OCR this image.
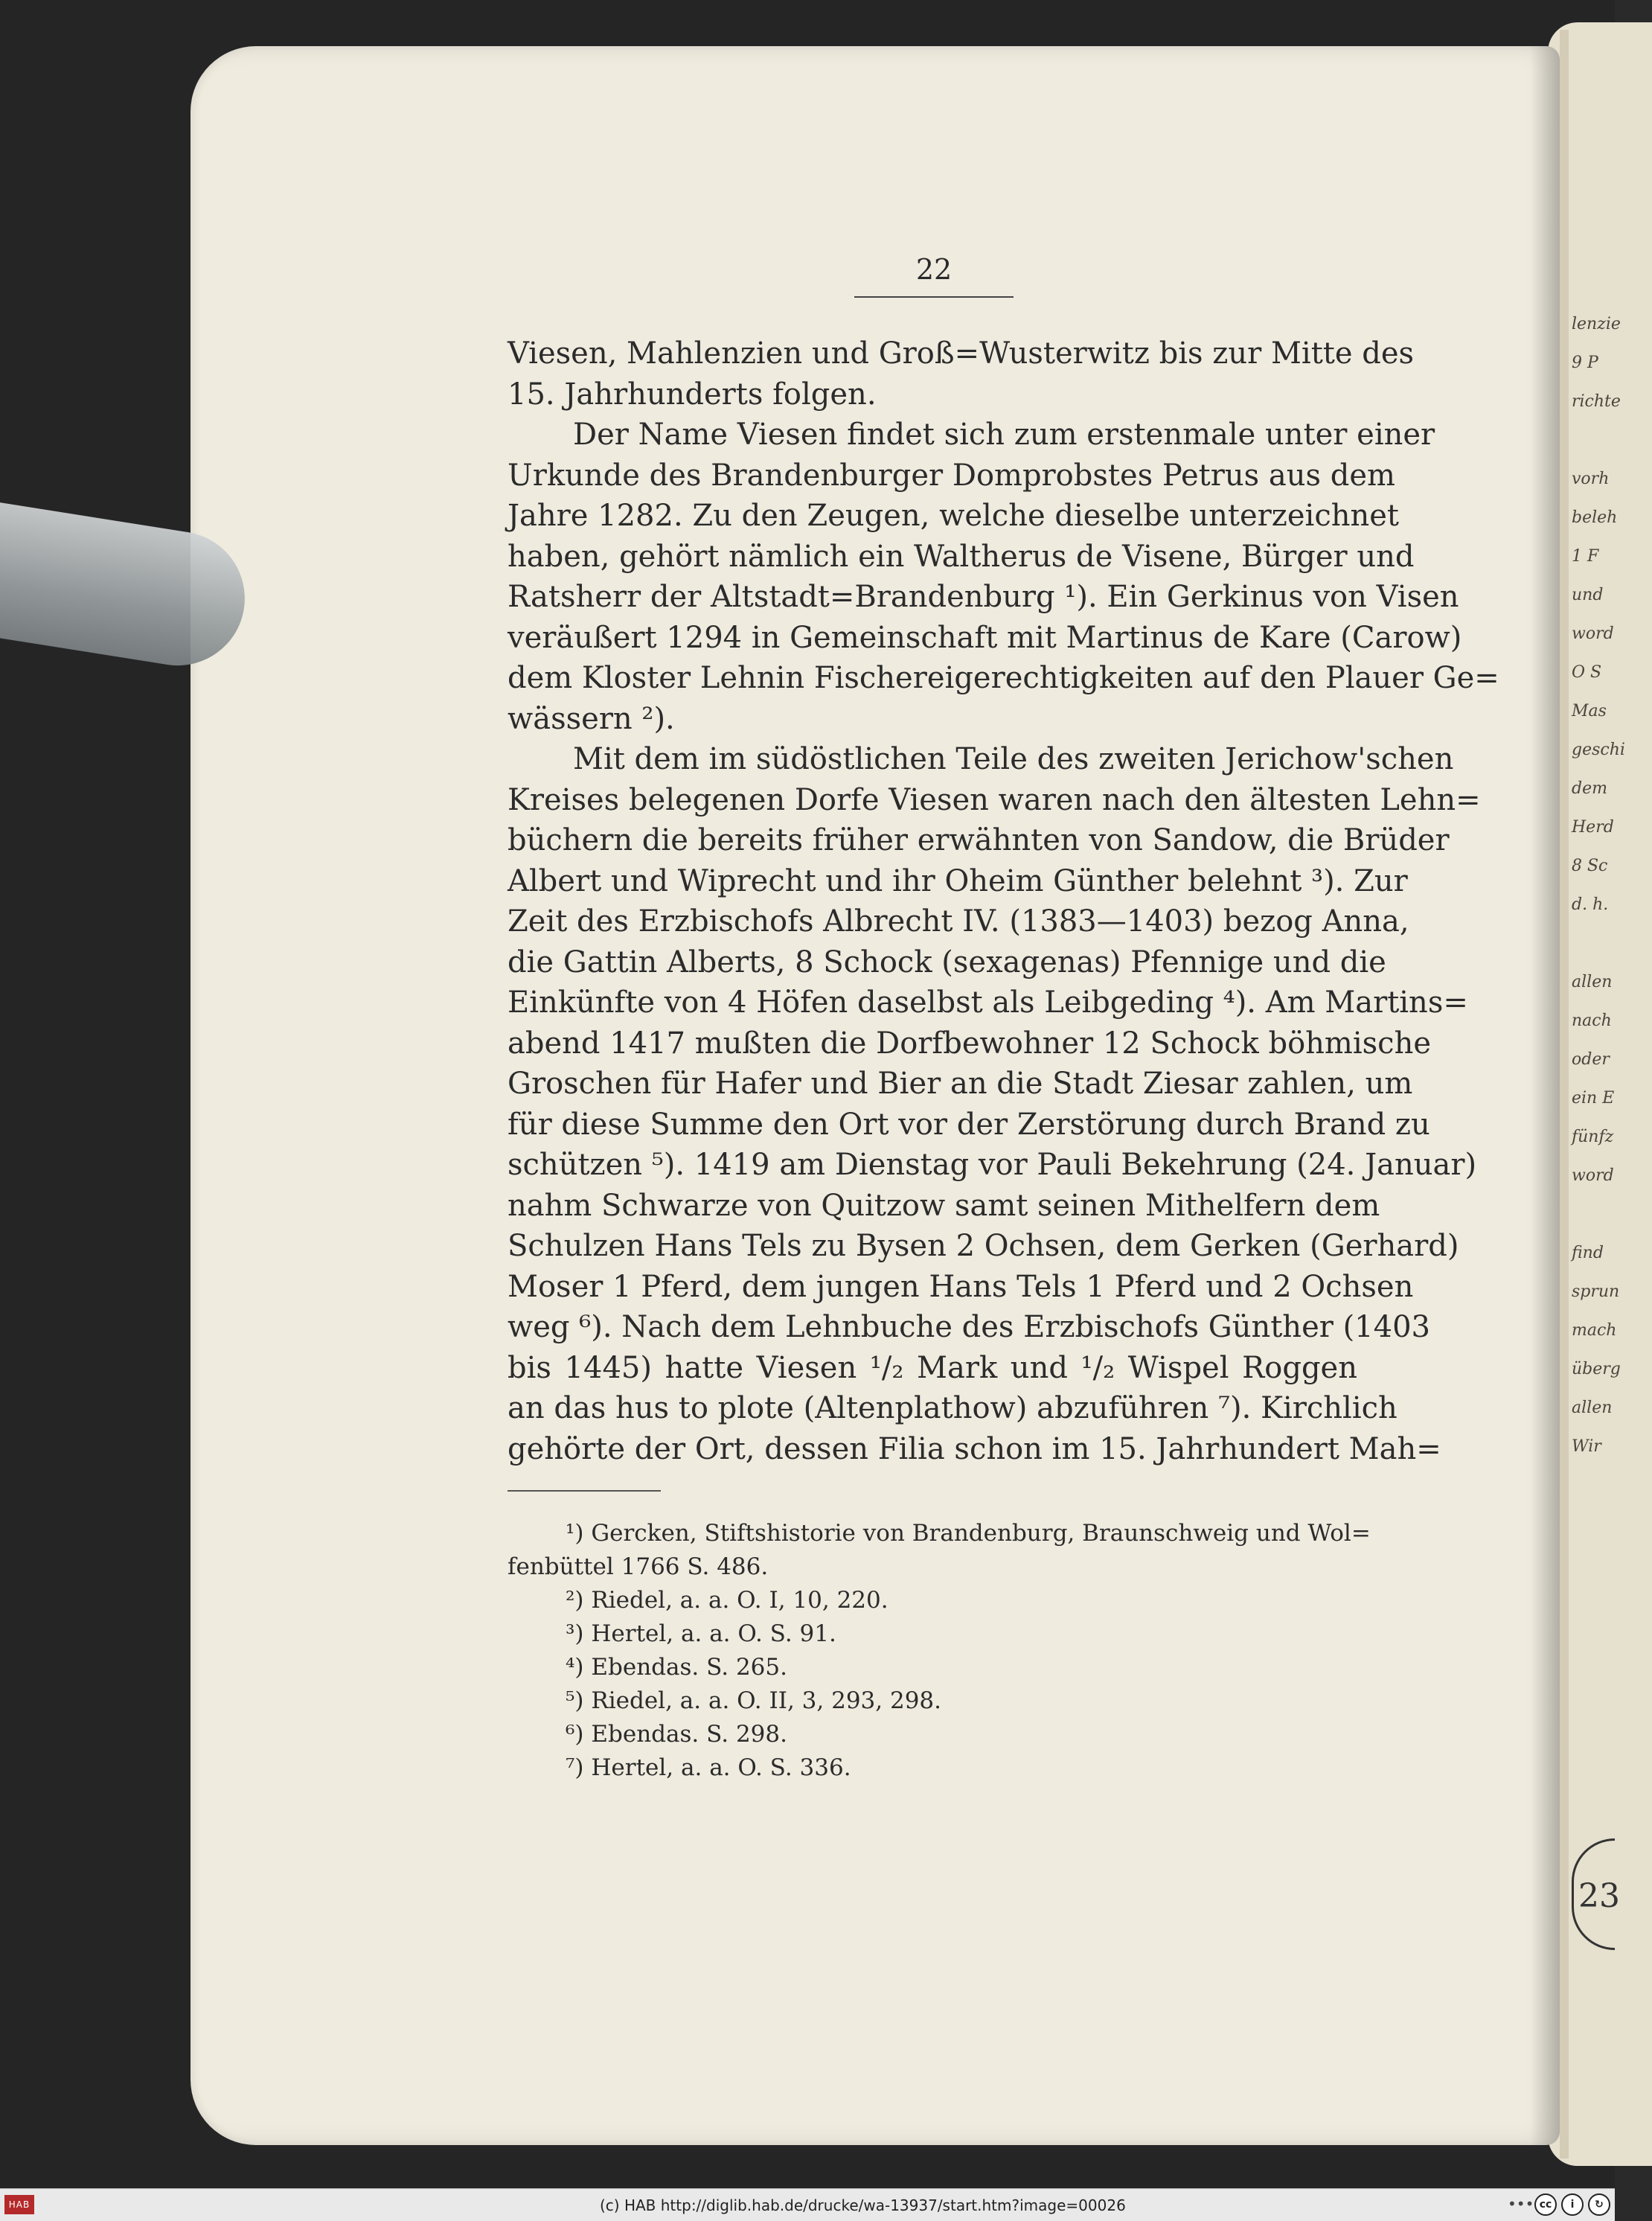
lenzie
9 P
richte
vorh
beleh
1 F
und
word
O S
Mas
geschi
dem
Herd
8 Sc
d. h.
allen
nach
oder
ein E
fünfz
word
find
sprun
mach
überg
allen
Wir
23
22
Viesen, Mahlenzien und Groß=Wusterwitz bis zur Mitte des
15. Jahrhunderts folgen.
Der Name Viesen findet sich zum erstenmale unter einer
Urkunde des Brandenburger Domprobstes Petrus aus dem
Jahre 1282. Zu den Zeugen, welche dieselbe unterzeichnet
haben, gehört nämlich ein Waltherus de Visene, Bürger und
Ratsherr der Altstadt=Brandenburg ¹). Ein Gerkinus von Visen
veräußert 1294 in Gemeinschaft mit Martinus de Kare (Carow)
dem Kloster Lehnin Fischereigerechtigkeiten auf den Plauer Ge=
wässern ²).
Mit dem im südöstlichen Teile des zweiten Jerichow'schen
Kreises belegenen Dorfe Viesen waren nach den ältesten Lehn=
büchern die bereits früher erwähnten von Sandow, die Brüder
Albert und Wiprecht und ihr Oheim Günther belehnt ³). Zur
Zeit des Erzbischofs Albrecht IV. (1383—1403) bezog Anna,
die Gattin Alberts, 8 Schock (sexagenas) Pfennige und die
Einkünfte von 4 Höfen daselbst als Leibgeding ⁴). Am Martins=
abend 1417 mußten die Dorfbewohner 12 Schock böhmische
Groschen für Hafer und Bier an die Stadt Ziesar zahlen, um
für diese Summe den Ort vor der Zerstörung durch Brand zu
schützen ⁵). 1419 am Dienstag vor Pauli Bekehrung (24. Januar)
nahm Schwarze von Quitzow samt seinen Mithelfern dem
Schulzen Hans Tels zu Bysen 2 Ochsen, dem Gerken (Gerhard)
Moser 1 Pferd, dem jungen Hans Tels 1 Pferd und 2 Ochsen
weg ⁶). Nach dem Lehnbuche des Erzbischofs Günther (1403
bis 1445) hatte Viesen ¹/₂ Mark und ¹/₂ Wispel Roggen
an das hus to plote (Altenplathow) abzuführen ⁷). Kirchlich
gehörte der Ort, dessen Filia schon im 15. Jahrhundert Mah=
¹) Gercken, Stiftshistorie von Brandenburg, Braunschweig und Wol=
fenbüttel 1766 S. 486.
²) Riedel, a. a. O. I, 10, 220.
³) Hertel, a. a. O. S. 91.
⁴) Ebendas. S. 265.
⁵) Riedel, a. a. O. II, 3, 293, 298.
⁶) Ebendas. S. 298.
⁷) Hertel, a. a. O. S. 336.
HAB	(c) HAB http://diglib.hab.de/drucke/wa-13937/start.htm?image=00026	••• cc	i	↻
